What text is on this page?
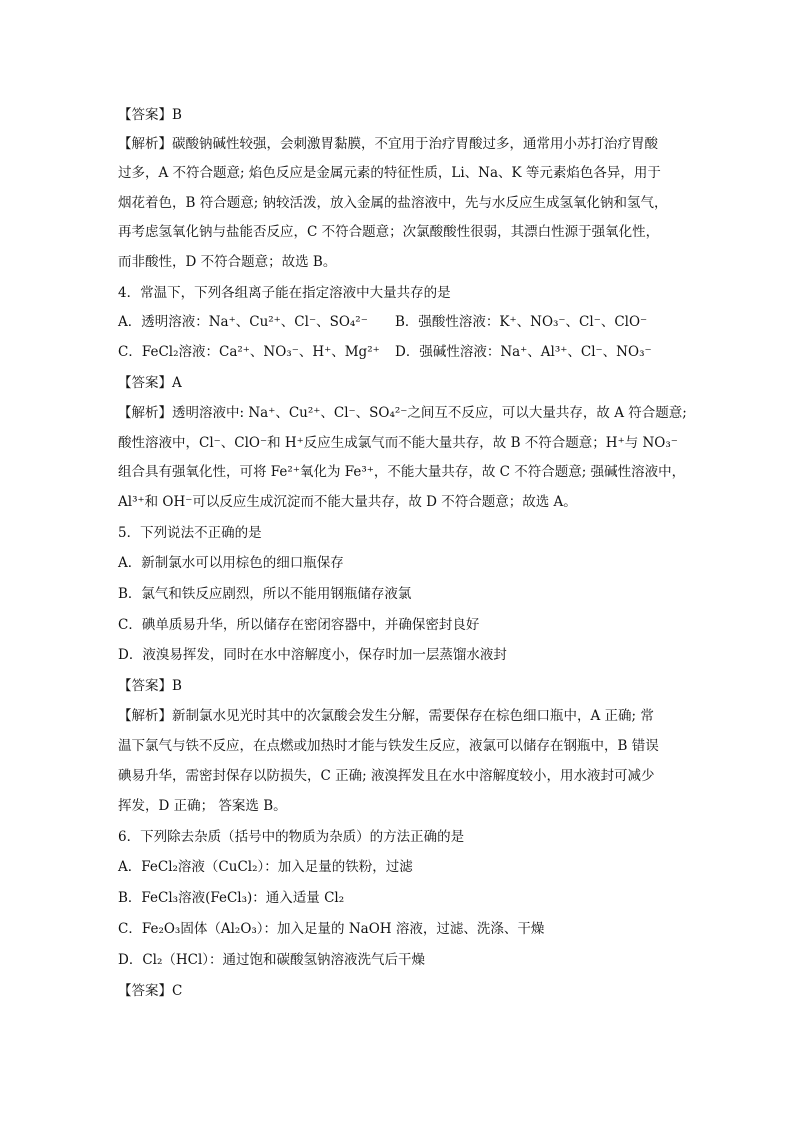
【答案】B
【解析】碳酸钠碱性较强，会刺激胃黏膜，不宜用于治疗胃酸过多，通常用小苏打治疗胃酸
过多，A 不符合题意; 焰色反应是金属元素的特征性质，Li、Na、K 等元素焰色各异，用于
烟花着色，B 符合题意; 钠较活泼，放入金属的盐溶液中，先与水反应生成氢氧化钠和氢气，
再考虑氢氧化钠与盐能否反应，C 不符合题意；次氯酸酸性很弱，其漂白性源于强氧化性，
而非酸性，D 不符合题意；故选 B。
4．常温下，下列各组离子能在指定溶液中大量共存的是
A．透明溶液：Na⁺、Cu²⁺、Cl⁻、SO₄²⁻	B．强酸性溶液：K⁺、NO₃⁻、Cl⁻、ClO⁻
C．FeCl₂溶液：Ca²⁺、NO₃⁻、H⁺、Mg²⁺	D．强碱性溶液：Na⁺、Al³⁺、Cl⁻、NO₃⁻
【答案】A
【解析】透明溶液中: Na⁺、Cu²⁺、Cl⁻、SO₄²⁻之间互不反应，可以大量共存，故 A 符合题意;
酸性溶液中，Cl⁻、ClO⁻和 H⁺反应生成氯气而不能大量共存，故 B 不符合题意；H⁺与 NO₃⁻
组合具有强氧化性，可将 Fe²⁺氧化为 Fe³⁺，不能大量共存，故 C 不符合题意; 强碱性溶液中，
Al³⁺和 OH⁻可以反应生成沉淀而不能大量共存，故 D 不符合题意；故选 A。
5．下列说法不正确的是
A．新制氯水可以用棕色的细口瓶保存
B．氯气和铁反应剧烈，所以不能用钢瓶储存液氯
C．碘单质易升华，所以储存在密闭容器中，并确保密封良好
D．液溴易挥发，同时在水中溶解度小，保存时加一层蒸馏水液封
【答案】B
【解析】新制氯水见光时其中的次氯酸会发生分解，需要保存在棕色细口瓶中，A 正确; 常
温下氯气与铁不反应，在点燃或加热时才能与铁发生反应，液氯可以储存在钢瓶中，B 错误
碘易升华，需密封保存以防损失，C 正确; 液溴挥发且在水中溶解度较小，用水液封可减少
挥发，D 正确； 答案选 B。
6．下列除去杂质（括号中的物质为杂质）的方法正确的是
A．FeCl₂溶液（CuCl₂）：加入足量的铁粉，过滤
B．FeCl₃溶液(FeCl₃)：通入适量 Cl₂
C．Fe₂O₃固体（Al₂O₃）：加入足量的 NaOH 溶液，过滤、洗涤、干燥
D．Cl₂（HCl）：通过饱和碳酸氢钠溶液洗气后干燥
【答案】C
